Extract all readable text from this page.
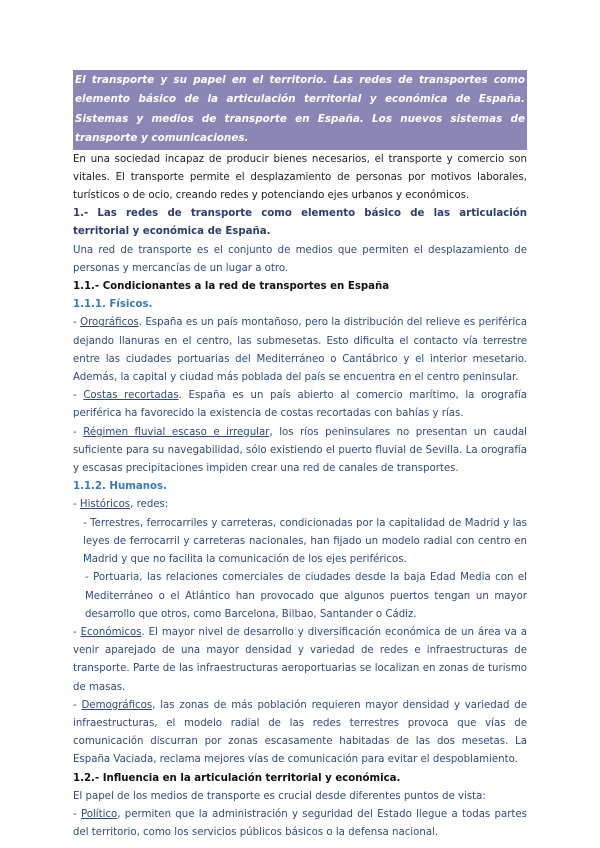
El transporte y su papel en el territorio. Las redes de transportes como elemento básico de la articulación territorial y económica de España. Sistemas y medios de transporte en España. Los nuevos sistemas de transporte y comunicaciones.

En una sociedad incapaz de producir bienes necesarios, el transporte y comercio son vitales. El transporte permite el desplazamiento de personas por motivos laborales, turísticos o de ocio, creando redes y potenciando ejes urbanos y económicos.

1.- Las redes de transporte como elemento básico de las articulación territorial y económica de España.

Una red de transporte es el conjunto de medios que permiten el desplazamiento de personas y mercancías de un lugar a otro.

1.1.- Condicionantes a la red de transportes en España

1.1.1. Físicos.

- Orográficos. España es un país montañoso, pero la distribución del relieve es periférica dejando llanuras en el centro, las submesetas. Esto dificulta el contacto vía terrestre entre las ciudades portuarias del Mediterráneo o Cantábrico y el interior mesetario. Además, la capital y ciudad más poblada del país se encuentra en el centro peninsular.

- Costas recortadas. España es un país abierto al comercio marítimo, la orografía periférica ha favorecido la existencia de costas recortadas con bahías y rías.

- Régimen fluvial escaso e irregular, los ríos peninsulares no presentan un caudal suficiente para su navegabilidad, sólo existiendo el puerto fluvial de Sevilla. La orografía y escasas precipitaciones impiden crear una red de canales de transportes.

1.1.2. Humanos.

- Históricos, redes:

- Terrestres, ferrocarriles y carreteras, condicionadas por la capitalidad de Madrid y las leyes de ferrocarril y carreteras nacionales, han fijado un modelo radial con centro en Madrid y que no facilita la comunicación de los ejes periféricos.

- Portuaria, las relaciones comerciales de ciudades desde la baja Edad Media con el Mediterráneo o el Atlántico han provocado que algunos puertos tengan un mayor desarrollo que otros, como Barcelona, Bilbao, Santander o Cádiz.

- Económicos. El mayor nivel de desarrollo y diversificación económica de un área va a venir aparejado de una mayor densidad y variedad de redes e infraestructuras de transporte. Parte de las infraestructuras aeroportuarias se localizan en zonas de turismo de masas.

- Demográficos, las zonas de más población requieren mayor densidad y variedad de infraestructuras, el modelo radial de las redes terrestres provoca que vías de comunicación discurran por zonas escasamente habitadas de las dos mesetas. La España Vaciada, reclama mejores vías de comunicación para evitar el despoblamiento.

1.2.- Influencia en la articulación territorial y económica.

El papel de los medios de transporte es crucial desde diferentes puntos de vista:

- Político, permiten que la administración y seguridad del Estado llegue a todas partes del territorio, como los servicios públicos básicos o la defensa nacional.
